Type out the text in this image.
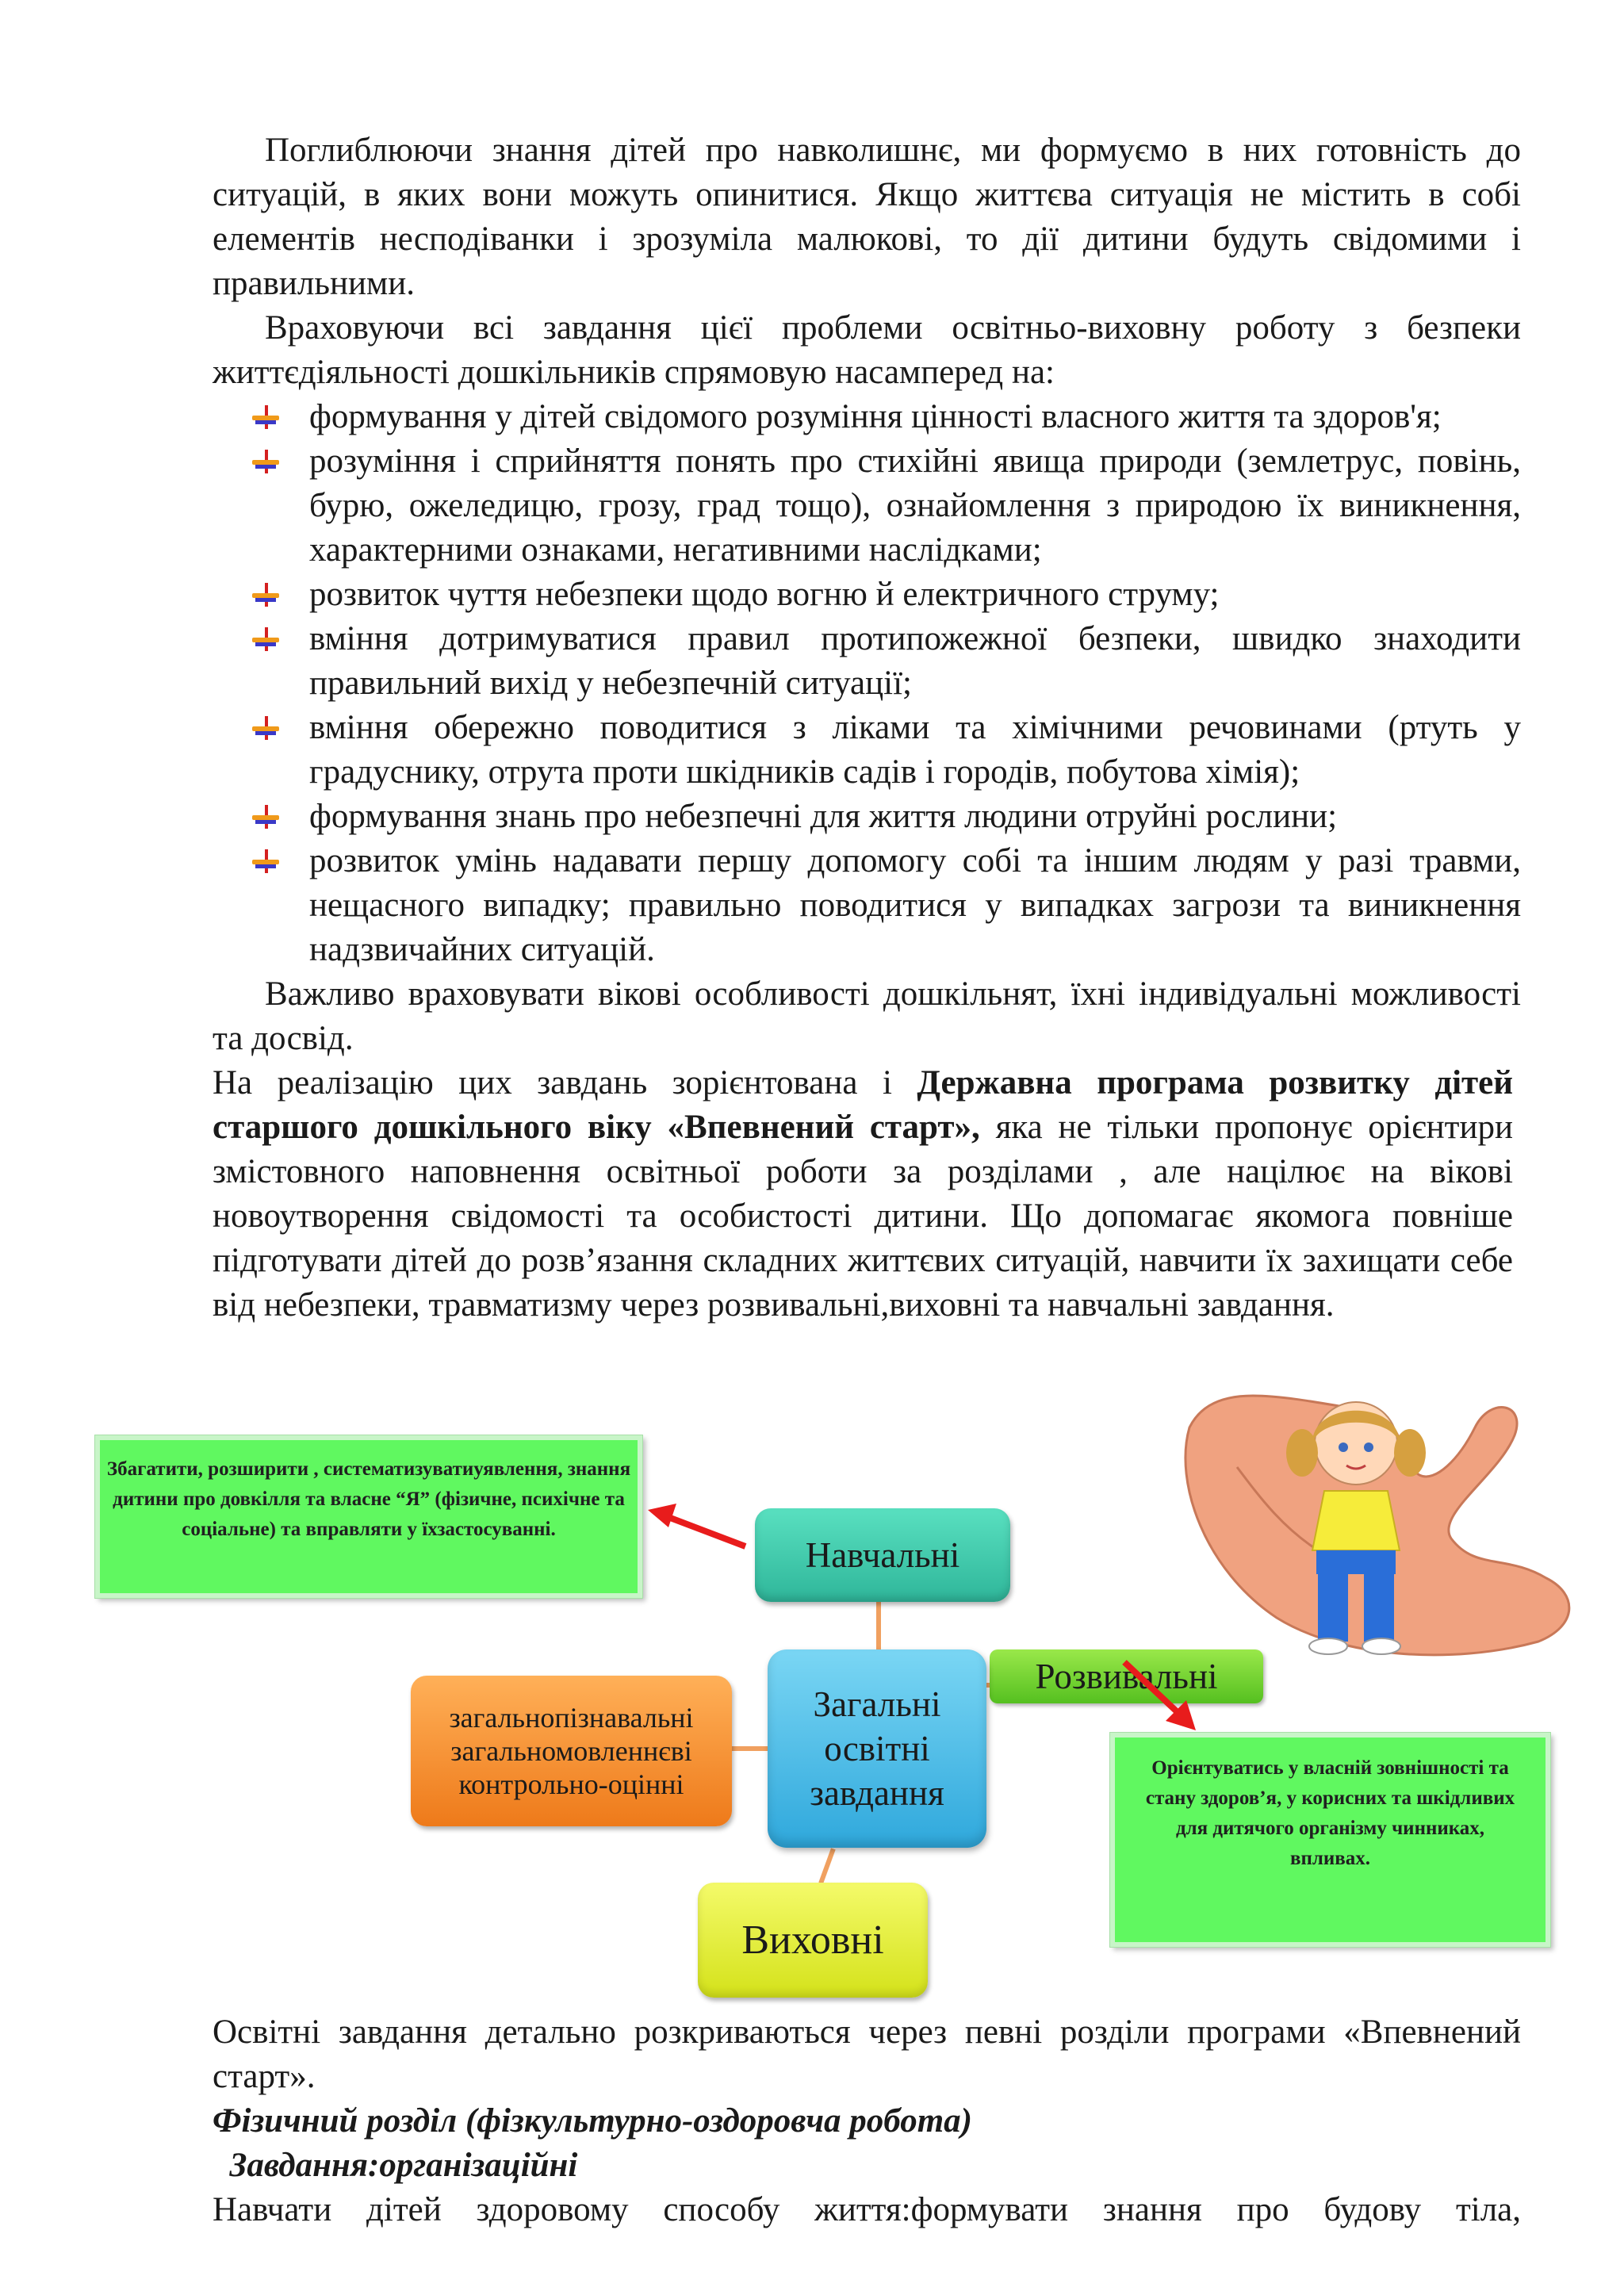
Поглиблюючи знання дітей про навколишнє, ми формуємо в них готовність до ситуацій, в яких вони можуть опинитися. Якщо життєва ситуація не містить в собі елементів несподіванки і зрозуміла малюкові, то дії дитини будуть свідомими і правильними.

Враховуючи всі завдання цієї проблеми освітньо-виховну роботу з безпеки життєдіяльності дошкільників спрямовую насамперед на:

формування у дітей свідомого розуміння цінності власного життя та здоров'я;
розуміння і сприйняття понять про стихійні явища природи (землетрус, повінь, бурю, ожеледицю, грозу, град тощо), ознайомлення з природою їх виникнення, характерними ознаками, негативними наслідками;
розвиток чуття небезпеки щодо вогню й електричного струму;
вміння дотримуватися правил протипожежної безпеки, швидко знаходити правильний вихід у небезпечній ситуації;
вміння обережно поводитися з ліками та хімічними речовинами (ртуть у градуснику, отрута проти шкідників садів і городів, побутова хімія);
формування знань про небезпечні для життя людини отруйні рослини;
розвиток умінь надавати першу допомогу собі та іншим людям у разі травми, нещасного випадку; правильно поводитися у випадках загрози та виникнення надзвичайних ситуацій.

Важливо враховувати вікові особливості дошкільнят, їхні індивідуальні можливості та досвід.

На реалізацію цих завдань зорієнтована і Державна програма розвитку дітей старшого дошкільного віку «Впевнений старт», яка не тільки пропонує орієнтири змістовного наповнення освітньої роботи за розділами , але націлює на вікові новоутворення свідомості та особистості дитини. Що допомагає якомога повніше підготувати дітей до розв’язання складних життєвих ситуацій, навчити їх захищати себе від небезпеки, травматизму через розвивальні,виховні та навчальні завдання.

Збагатити, розширити , систематизуватиуявлення, знання дитини про довкілля та власне “Я” (фізичне, психічне та соціальне) та вправляти у їхзастосуванні.
Орієнтуватись у власній зовнішності та стану здоров’я, у корисних та шкідливих для дитячого організму чинниках, впливах.
Навчальні
Розвивальні
Загальні
освітні
завдання
загальнопізнавальні
загальномовленнєві
контрольно-оцінні
Виховні

Освітні завдання детально розкриваються через певні розділи програми «Впевнений старт».

Фізичний розділ (фізкультурно-оздоровча робота)

Завдання:організаційні

Навчати дітей здоровому способу життя:формувати знання про будову тіла,
